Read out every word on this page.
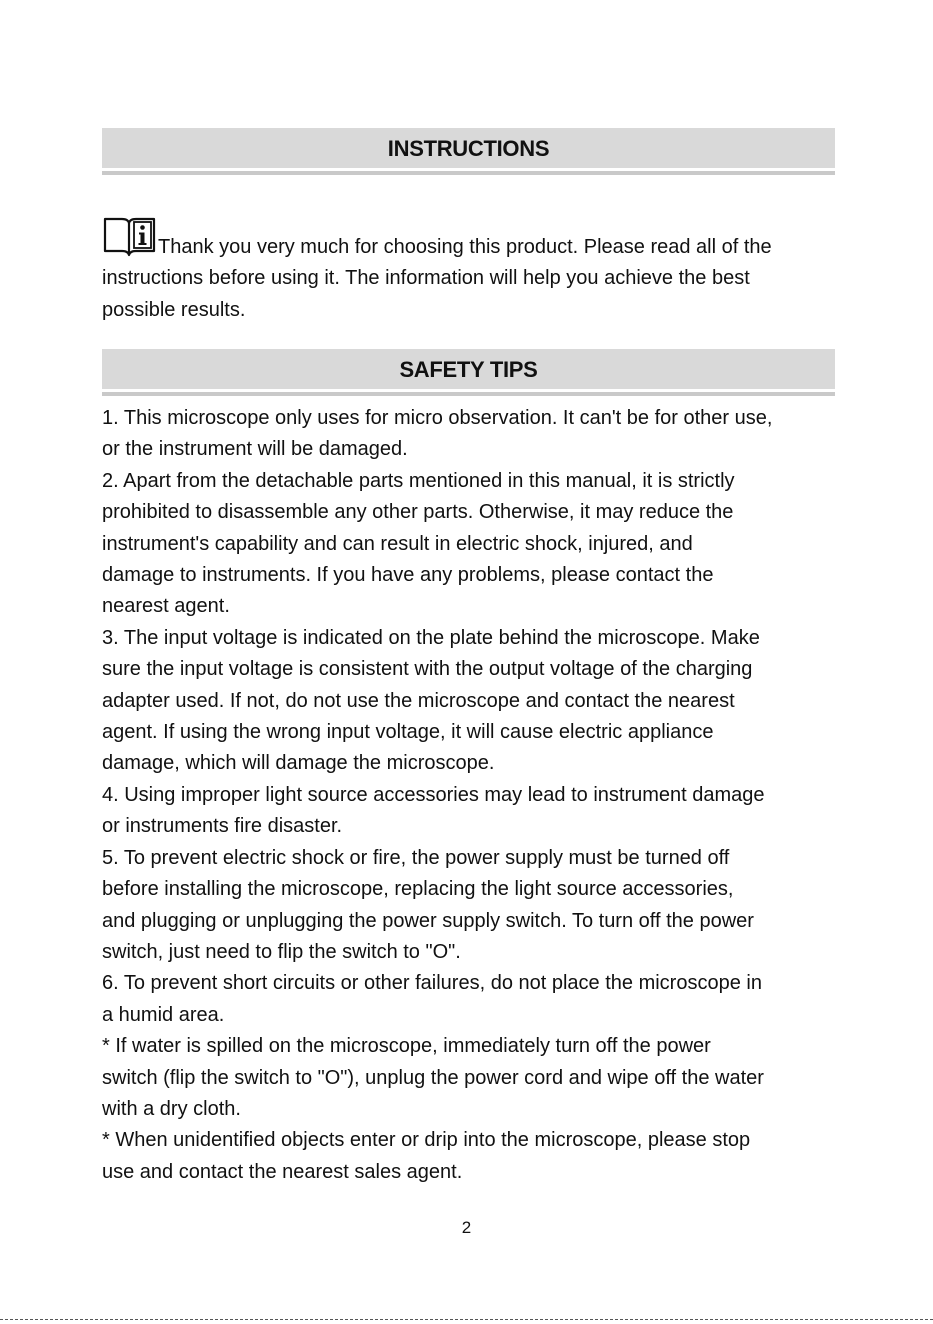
INSTRUCTIONS
Thank you very much for choosing this product. Please read all of the
instructions before using it. The information will help you achieve the best
possible results.
SAFETY TIPS
1. This microscope only uses for micro observation. It can't be for other use,
or the instrument will be damaged.
2. Apart from the detachable parts mentioned in this manual, it is strictly
prohibited to disassemble any other parts. Otherwise, it may reduce the
instrument's capability and can result in electric shock, injured, and
damage to instruments. If you have any problems, please contact the
nearest agent.
3. The input voltage is indicated on the plate behind the microscope. Make
sure the input voltage is consistent with the output voltage of the charging
adapter used. If not, do not use the microscope and contact the nearest
agent. If using the wrong input voltage, it will cause electric appliance
damage, which will damage the microscope.
4. Using improper light source accessories may lead to instrument damage
or instruments fire disaster.
5. To prevent electric shock or fire, the power supply must be turned off
before installing the microscope, replacing the light source accessories,
and plugging or unplugging the power supply switch. To turn off the power
switch, just need to flip the switch to "O".
6. To prevent short circuits or other failures, do not place the microscope in
a humid area.
* If water is spilled on the microscope, immediately turn off the power
switch (flip the switch to "O"), unplug the power cord and wipe off the water
with a dry cloth.
* When unidentified objects enter or drip into the microscope, please stop
use and contact the nearest sales agent.
2
